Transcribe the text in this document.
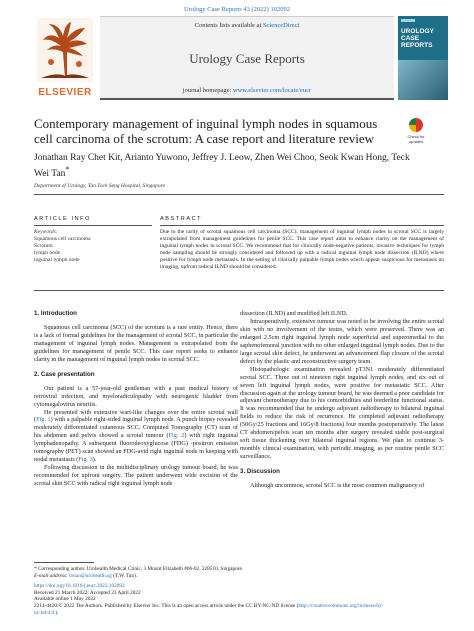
Urology Case Reports 43 (2022) 102092
ELSEVIER
Contents lists available at ScienceDirect
Urology Case Reports
journal homepage: www.elsevier.com/locate/eucr
UROLOGY CASE REPORTS
Check for updates
Contemporary management of inguinal lymph nodes in squamous cell carcinoma of the scrotum: A case report and literature review
Jonathan Ray Chet Kit, Arianto Yuwono, Jeffrey J. Leow, Zhen Wei Choo, Seok Kwan Hong, Teck Wei Tan*
Department of Urology, Tan Tock Seng Hospital, Singapore
ARTICLE INFO	ABSTRACT
Keywords:
Squamous cell carcinoma
Scrotum
lymph node
inguinal lymph node
Due to the rarity of scrotal squamous cell carcinoma (SCC), management of inguinal lymph nodes in scrotal SCC is largely extrapolated from management guidelines for penile SCC. This case report aims to enhance clarity on the management of inguinal lymph nodes in scrotal SCC. We recommend that for clinically node-negative patients, invasive techniques for lymph node sampling should be strongly considered and followed up with a radical inguinal lymph node dissection (ILND) where positive for lymph node metastasis. In the setting of clinically palpable lymph nodes which appear suspicious for metastasis on imaging, upfront radical ILND should be considered.
1. Introduction

Squamous cell carcinoma (SCC) of the scrotum is a rare entity. Hence, there is a lack of formal guidelines for the management of scrotal SCC, in particular the management of inguinal lymph nodes. Management is extrapolated from the guidelines for management of penile SCC. This case report seeks to enhance clarity in the management of inguinal lymph nodes in scrotal SCC.

2. Case presentation

Our patient is a 57-year-old gentleman with a past medical history of retroviral infection, and myeloradiculopathy with neurogenic bladder from cytomegalovirus neuritis.

He presented with extensive wart-like changes over the entire scrotal wall (Fig. 1) with a palpable right-sided inguinal lymph node. A punch biopsy revealed moderately differentiated cutaneous SCC. Computed Tomography (CT) scan of his abdomen and pelvis showed a scrotal tumour (Fig. 2) with right inguinal lymphadenopathy. A subsequent fluorodeoxyglucose (FDG) -positron emission tomography (PET) scan showed an FDG-avid right inguinal node in keeping with nodal metastasis (Fig. 3).

Following discussion in the multidisciplinary urology tumour board, he was recommended for upfront surgery. The patient underwent wide excision of the scrotal skin SCC with radical right inguinal lymph node

dissection (ILND) and modified left ILND.

Intraoperatively, extensive tumour was noted to be involving the entire scrotal skin with no involvement of the testes, which were preserved. There was an enlarged 2.5cm right inguinal lymph node superficial and superomedial to the saphenofemoral junction with no other enlarged inguinal lymph nodes. Due to the large scrotal skin defect, he underwent an advancement flap closure of the scrotal defect by the plastic and reconstructive surgery team.

Histopathologic examination revealed pT3N1 moderately differentiated scrotal SCC. Three out of nineteen right inguinal lymph nodes, and six out of seven left inguinal lymph nodes, were positive for metastatic SCC. After discussion again at the urology tumour board, he was deemed a poor candidate for adjuvant chemotherapy due to his comorbidities and borderline functional status. It was recommended that he undergo adjuvant radiotherapy to bilateral inguinal fields to reduce the risk of recurrence. He completed adjuvant radiotherapy (50Gy/25 fractions and 16Gy/8 fractions) four months postoperatively. The latest CT abdomen/pelvis scan ten months after surgery revealed stable post-surgical soft tissue thickening over bilateral inguinal regions. We plan to continue 3-monthly clinical examination, with periodic imaging, as per routine penile SCC surveillance.

3. Discussion

Although uncommon, scrotal SCC is the most common malignancy of

* Corresponding author. Urohealth Medical Clinic, 3 Mount Elizabeth #06-02, 228510, Singapore.
E-mail address: twtan@urohealth.sg (T.W. Tan).
https://doi.org/10.1016/j.eucr.2022.102092
Received 21 March 2022; Accepted 23 April 2022
Available online 1 May 2022
2214-4420/© 2022 The Authors. Published by Elsevier Inc. This is an open access article under the CC BY-NC-ND license (http://creativecommons.org/licenses/by-
nc-nd/4.0/).
